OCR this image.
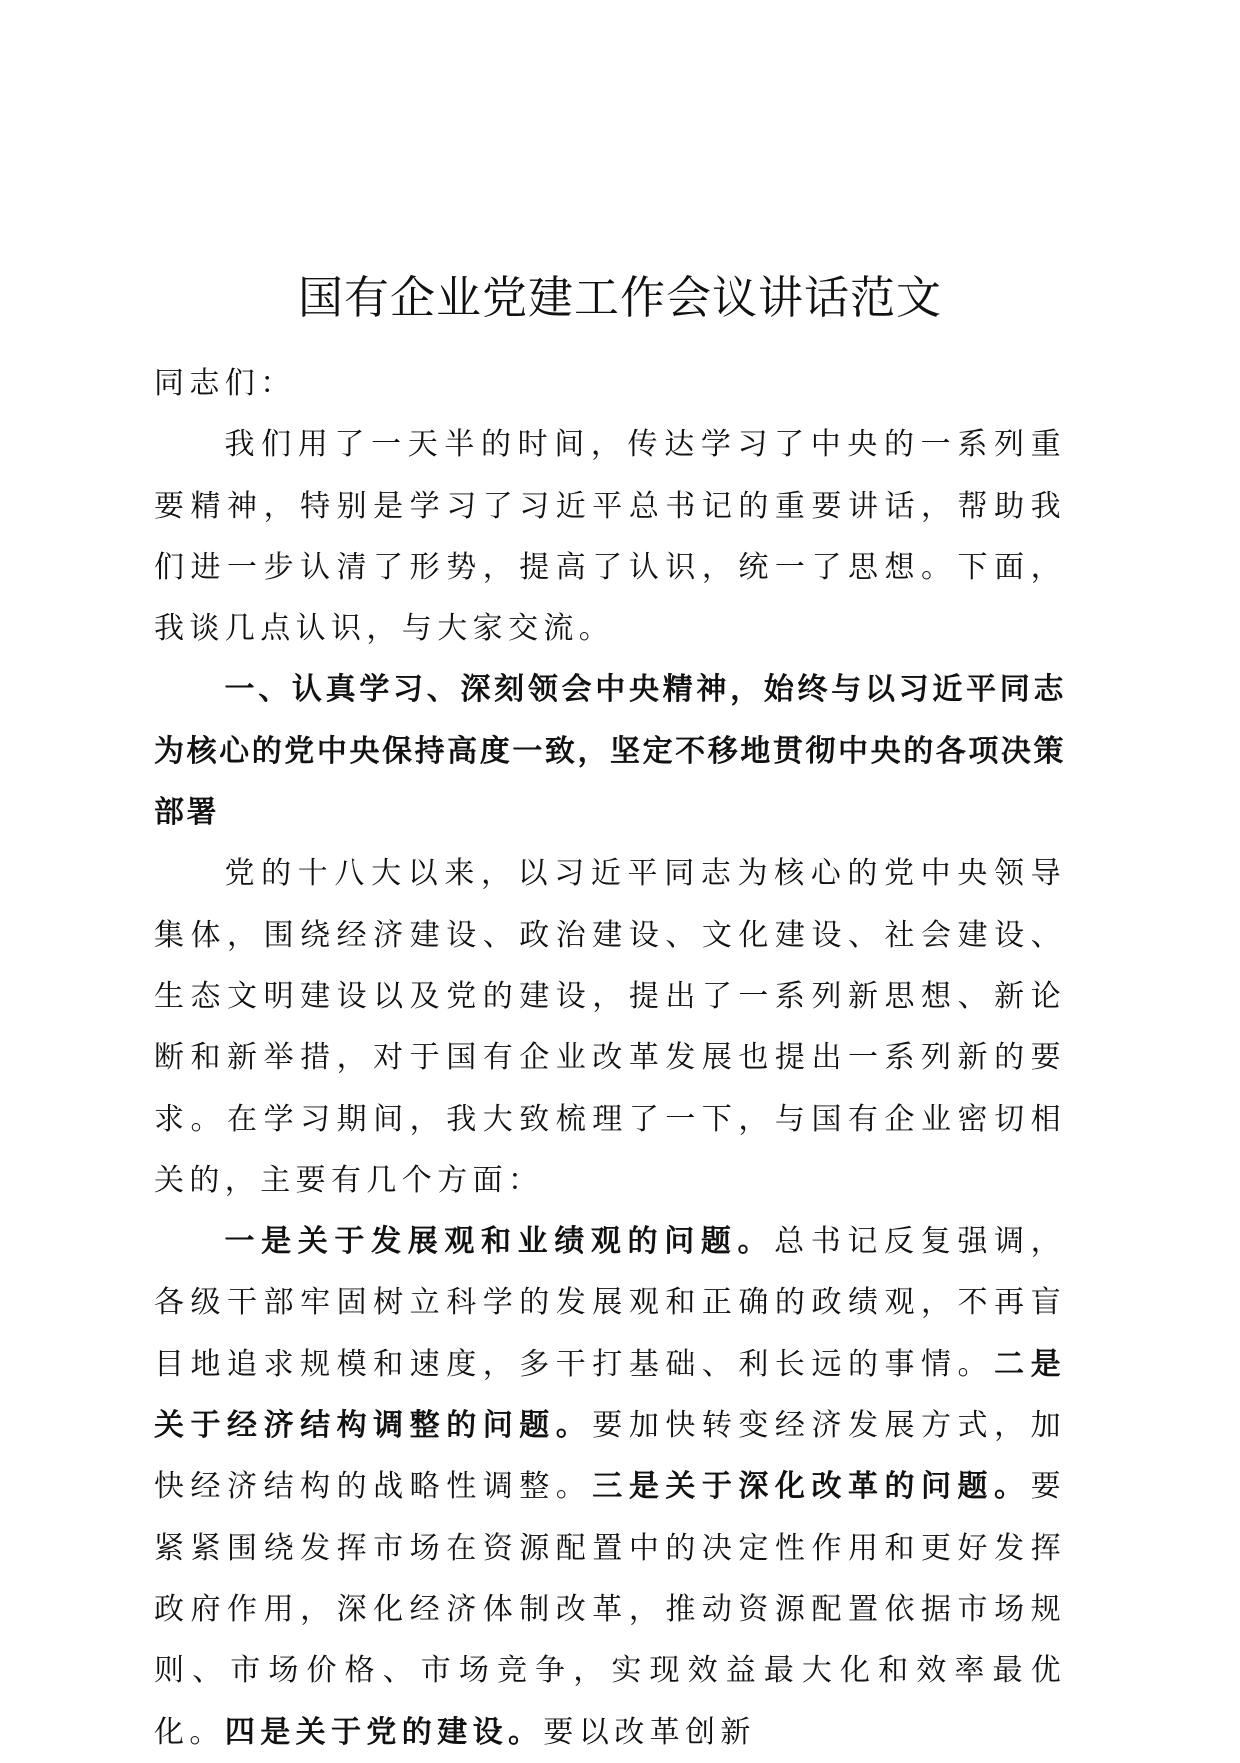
国有企业党建工作会议讲话范文

同志们：

我们用了一天半的时间，传达学习了中央的一系列重要精神，特别是学习了习近平总书记的重要讲话，帮助我们进一步认清了形势，提高了认识，统一了思想。下面，我谈几点认识，与大家交流。

一、认真学习、深刻领会中央精神，始终与以习近平同志为核心的党中央保持高度一致，坚定不移地贯彻中央的各项决策部署

党的十八大以来，以习近平同志为核心的党中央领导集体，围绕经济建设、政治建设、文化建设、社会建设、生态文明建设以及党的建设，提出了一系列新思想、新论断和新举措，对于国有企业改革发展也提出一系列新的要求。在学习期间，我大致梳理了一下，与国有企业密切相关的，主要有几个方面：

一是关于发展观和业绩观的问题。总书记反复强调，各级干部牢固树立科学的发展观和正确的政绩观，不再盲目地追求规模和速度，多干打基础、利长远的事情。二是关于经济结构调整的问题。要加快转变经济发展方式，加快经济结构的战略性调整。三是关于深化改革的问题。要紧紧围绕发挥市场在资源配置中的决定性作用和更好发挥政府作用，深化经济体制改革，推动资源配置依据市场规则、市场价格、市场竞争，实现效益最大化和效率最优化。四是关于党的建设。要以改革创新
